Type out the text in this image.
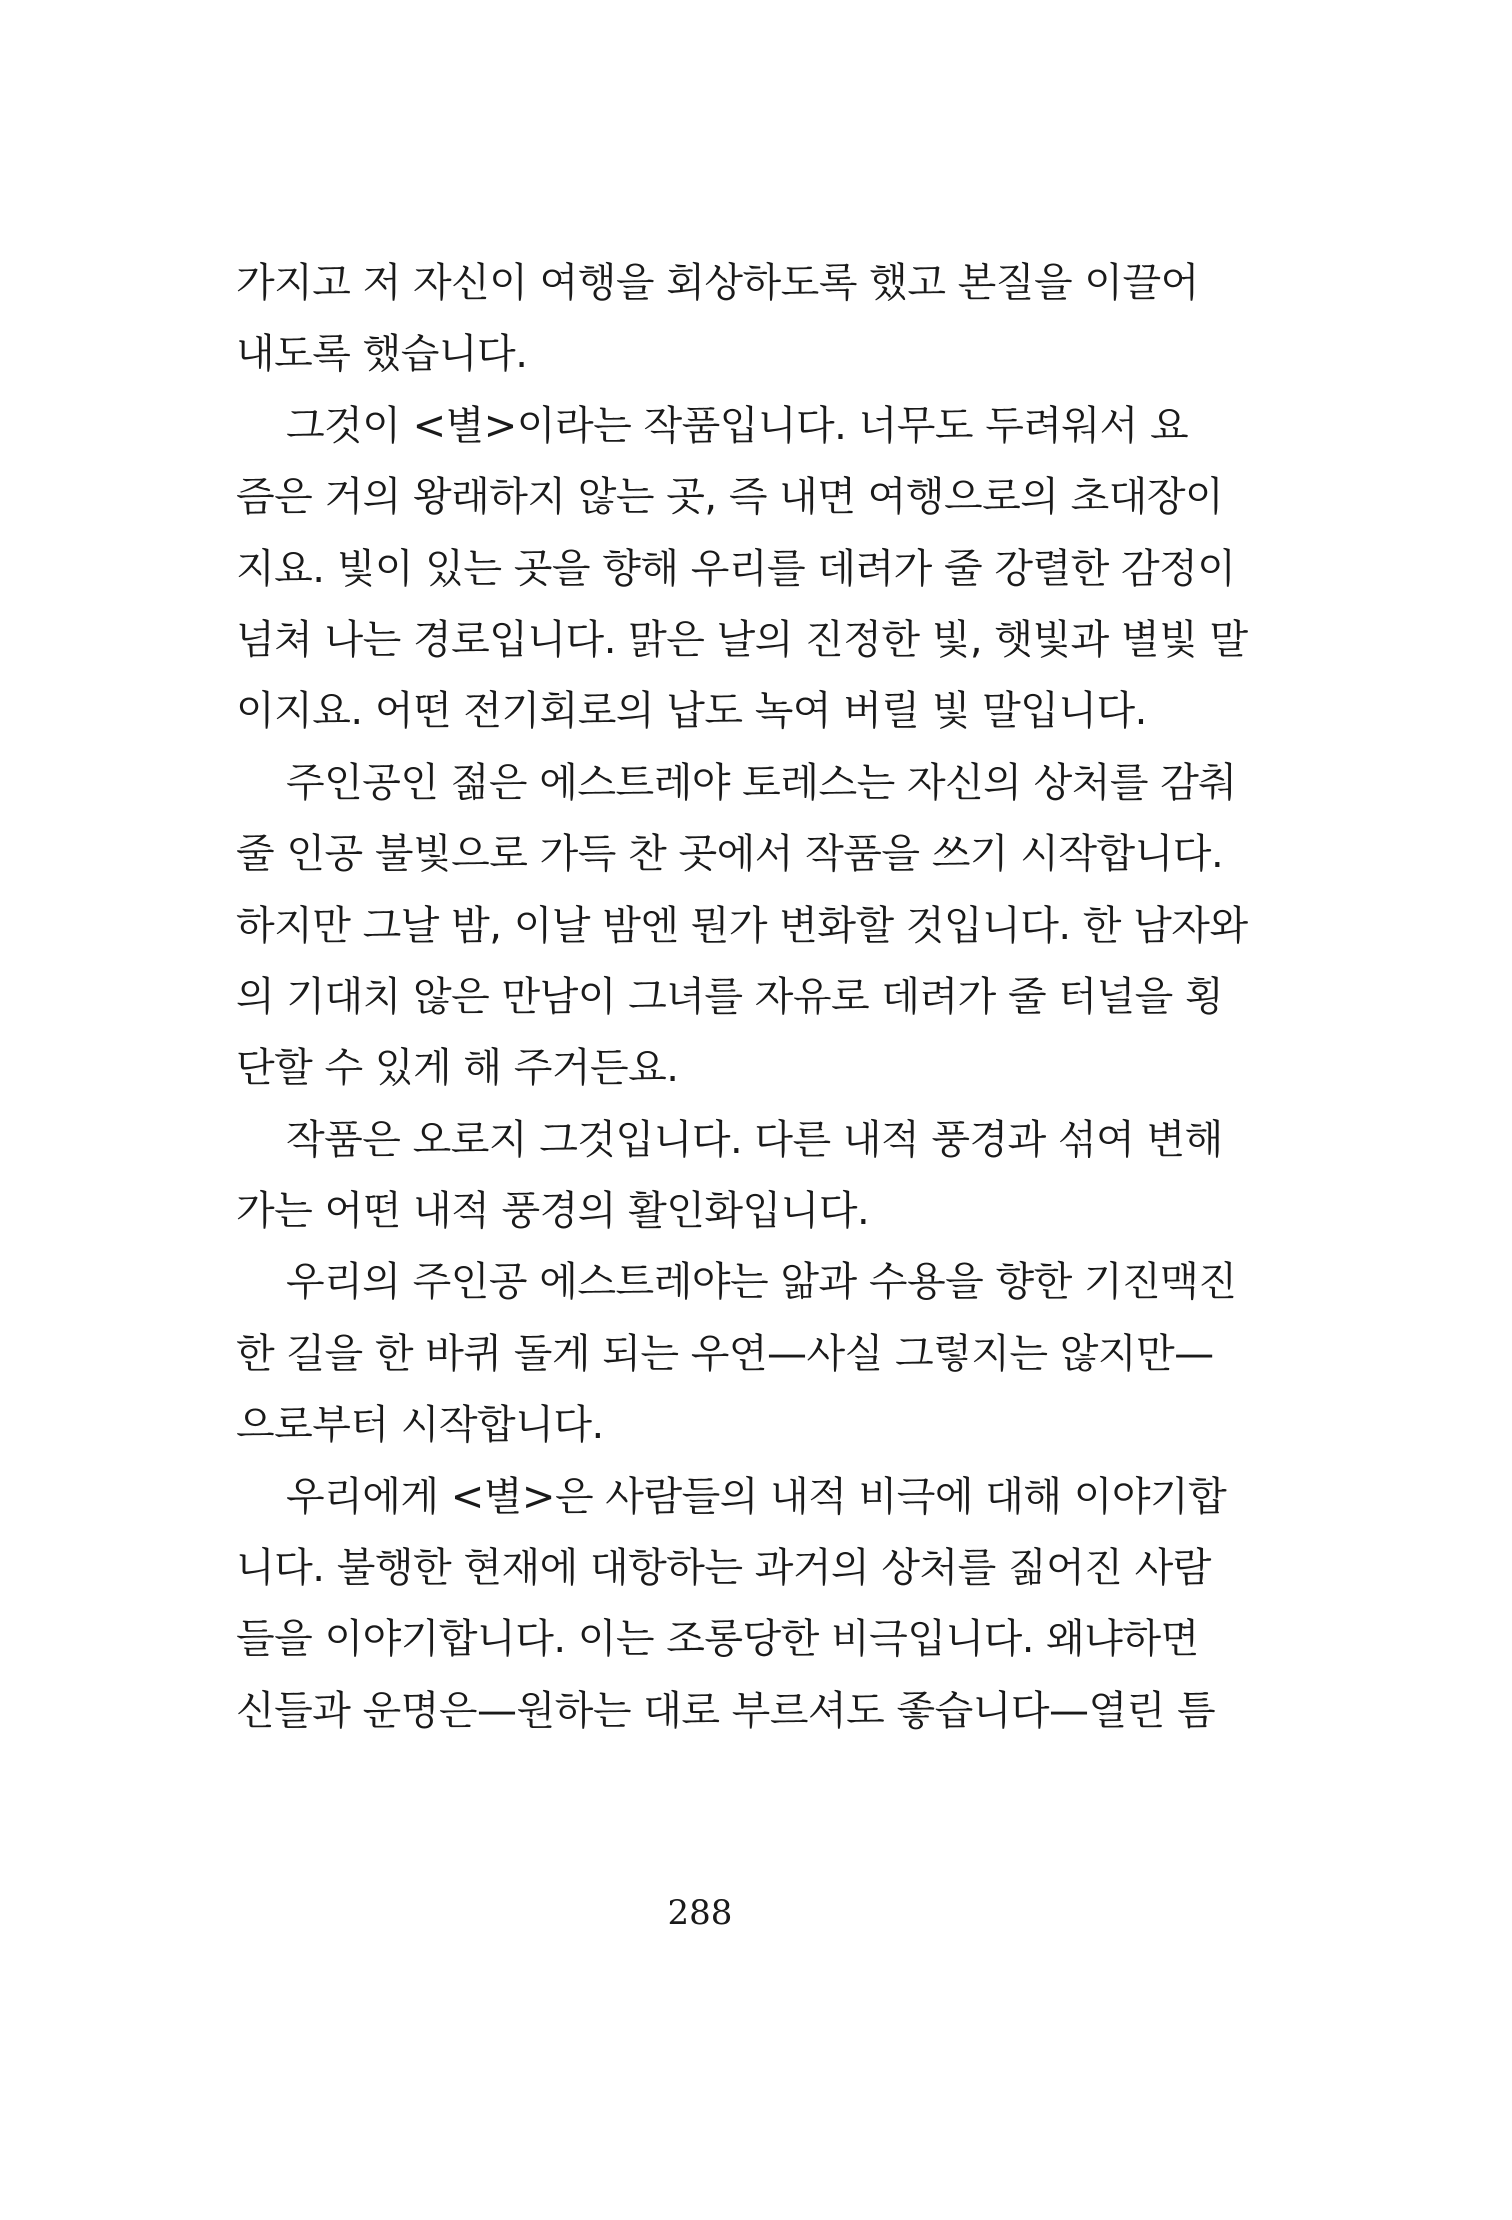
가지고 저 자신이 여행을 회상하도록 했고 본질을 이끌어
내도록 했습니다.
그것이 <별>이라는 작품입니다. 너무도 두려워서 요
즘은 거의 왕래하지 않는 곳, 즉 내면 여행으로의 초대장이
지요. 빛이 있는 곳을 향해 우리를 데려가 줄 강렬한 감정이
넘쳐 나는 경로입니다. 맑은 날의 진정한 빛, 햇빛과 별빛 말
이지요. 어떤 전기회로의 납도 녹여 버릴 빛 말입니다.
주인공인 젊은 에스트레야 토레스는 자신의 상처를 감춰
줄 인공 불빛으로 가득 찬 곳에서 작품을 쓰기 시작합니다.
하지만 그날 밤, 이날 밤엔 뭔가 변화할 것입니다. 한 남자와
의 기대치 않은 만남이 그녀를 자유로 데려가 줄 터널을 횡
단할 수 있게 해 주거든요.
작품은 오로지 그것입니다. 다른 내적 풍경과 섞여 변해
가는 어떤 내적 풍경의 활인화입니다.
우리의 주인공 에스트레야는 앎과 수용을 향한 기진맥진
한 길을 한 바퀴 돌게 되는 우연—사실 그렇지는 않지만—
으로부터 시작합니다.
우리에게 <별>은 사람들의 내적 비극에 대해 이야기합
니다. 불행한 현재에 대항하는 과거의 상처를 짊어진 사람
들을 이야기합니다. 이는 조롱당한 비극입니다. 왜냐하면
신들과 운명은—원하는 대로 부르셔도 좋습니다—열린 틈
288
